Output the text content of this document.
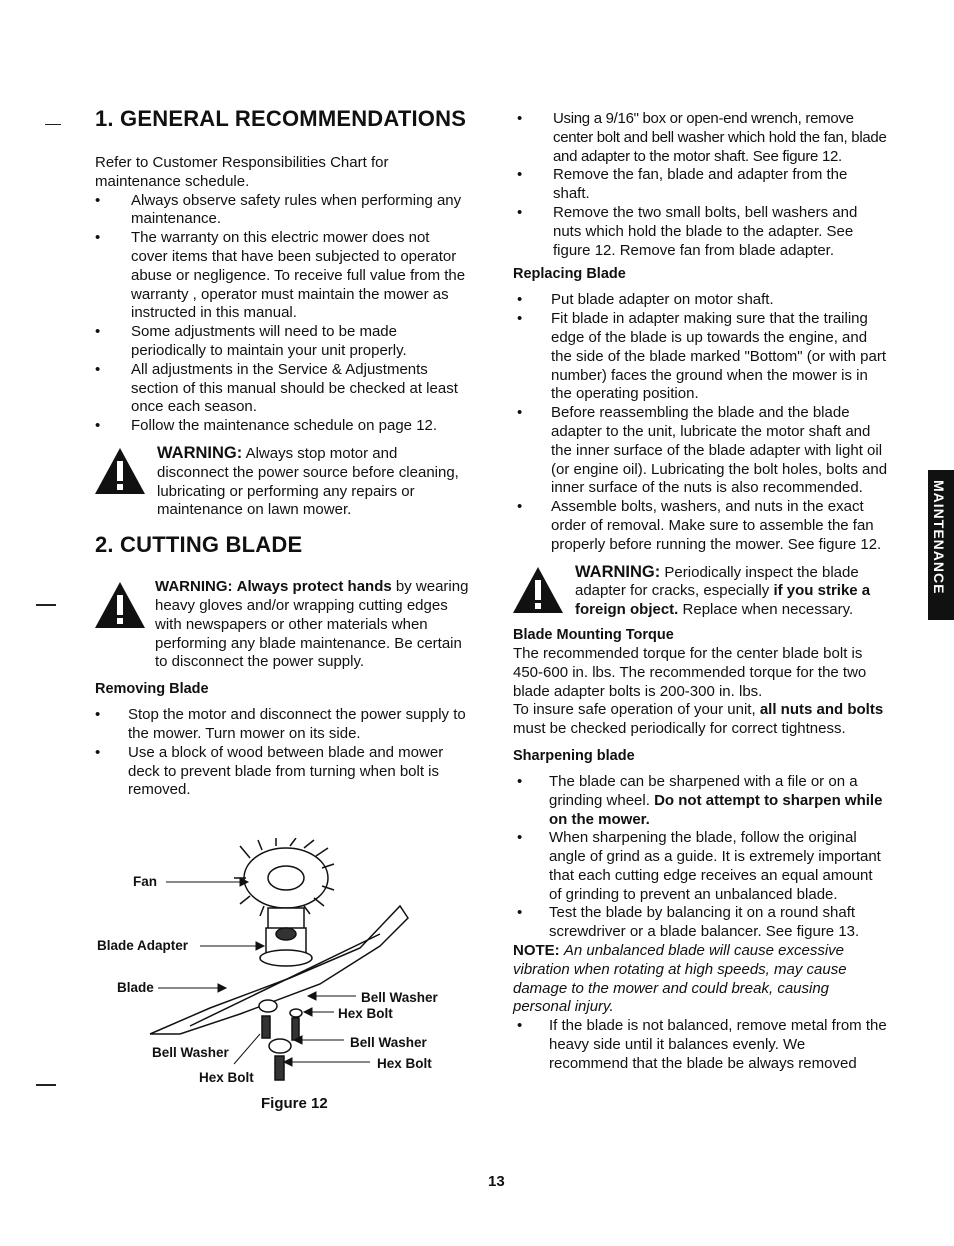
1. GENERAL RECOMMENDATIONS

Refer to Customer Responsibilities Chart for maintenance schedule.

•	Always observe safety rules when performing any maintenance.
•	The warranty on this electric mower does not cover items that have been subjected to operator abuse or negligence. To receive full value from the warranty , operator must maintain the mower as instructed in this manual.
•	Some adjustments will need to be made periodically to maintain your unit properly.
•	All adjustments in the Service & Adjustments section of this manual should be checked at least once each season.
•	Follow the maintenance schedule on page 12.
WARNING: Always stop motor and disconnect the power source before cleaning, lubricating or performing any repairs or maintenance on lawn mower.
2. CUTTING BLADE
WARNING: Always protect hands by wearing heavy gloves and/or wrapping cutting edges with newspapers or other materials when performing any blade maintenance. Be certain to disconnect the power supply.
Removing Blade
•	Stop the motor and disconnect the power supply to the mower. Turn mower on its side.
•	Use a block of wood between blade and mower deck to prevent blade from turning when bolt is removed.
Fan
Blade Adapter
Blade
Bell Washer
Hex Bolt
Bell Washer
Hex Bolt
Bell Washer
Hex Bolt
Figure 12
•	Using a 9/16" box or open-end wrench, remove center bolt and bell washer which hold the fan, blade and adapter to the motor shaft. See figure 12.
•	Remove the fan, blade and adapter from the shaft.
•	Remove the two small bolts, bell washers and nuts which hold the blade to the adapter. See figure 12. Remove fan from blade adapter.
Replacing Blade
•	Put blade adapter on motor shaft.
•	Fit blade in adapter making sure that the trailing edge of the blade is up towards the engine, and the side of the blade marked "Bottom" (or with part number) faces the ground when the mower is in the operating position.
•	Before reassembling the blade and the blade adapter to the unit, lubricate the motor shaft and the inner surface of the blade adapter with light oil (or engine oil). Lubricating the bolt holes, bolts and inner surface of the nuts is also recommended.
•	Assemble bolts, washers, and nuts in the exact order of removal. Make sure to assemble the fan properly before running the mower. See figure 12.
WARNING: Periodically inspect the blade adapter for cracks, especially if you strike a foreign object. Replace when necessary.
Blade Mounting Torque

The recommended torque for the center blade bolt is 450-600 in. lbs. The recommended torque for the two blade adapter bolts is 200-300 in. lbs.

To insure safe operation of your unit, all nuts and bolts must be checked periodically for correct tightness.

Sharpening blade
•	The blade can be sharpened with a file or on a grinding wheel. Do not attempt to sharpen while on the mower.
•	When sharpening the blade, follow the original angle of grind as a guide. It is extremely important that each cutting edge receives an equal amount of grinding to prevent an unbalanced blade.
•	Test the blade by balancing it on a round shaft screwdriver or a blade balancer. See figure 13.

NOTE: An unbalanced blade will cause excessive vibration when rotating at high speeds, may cause damage to the mower and could break, causing personal injury.

•	If the blade is not balanced, remove metal from the heavy side until it balances evenly. We recommend that the blade be always removed
MAINTENANCE
13
